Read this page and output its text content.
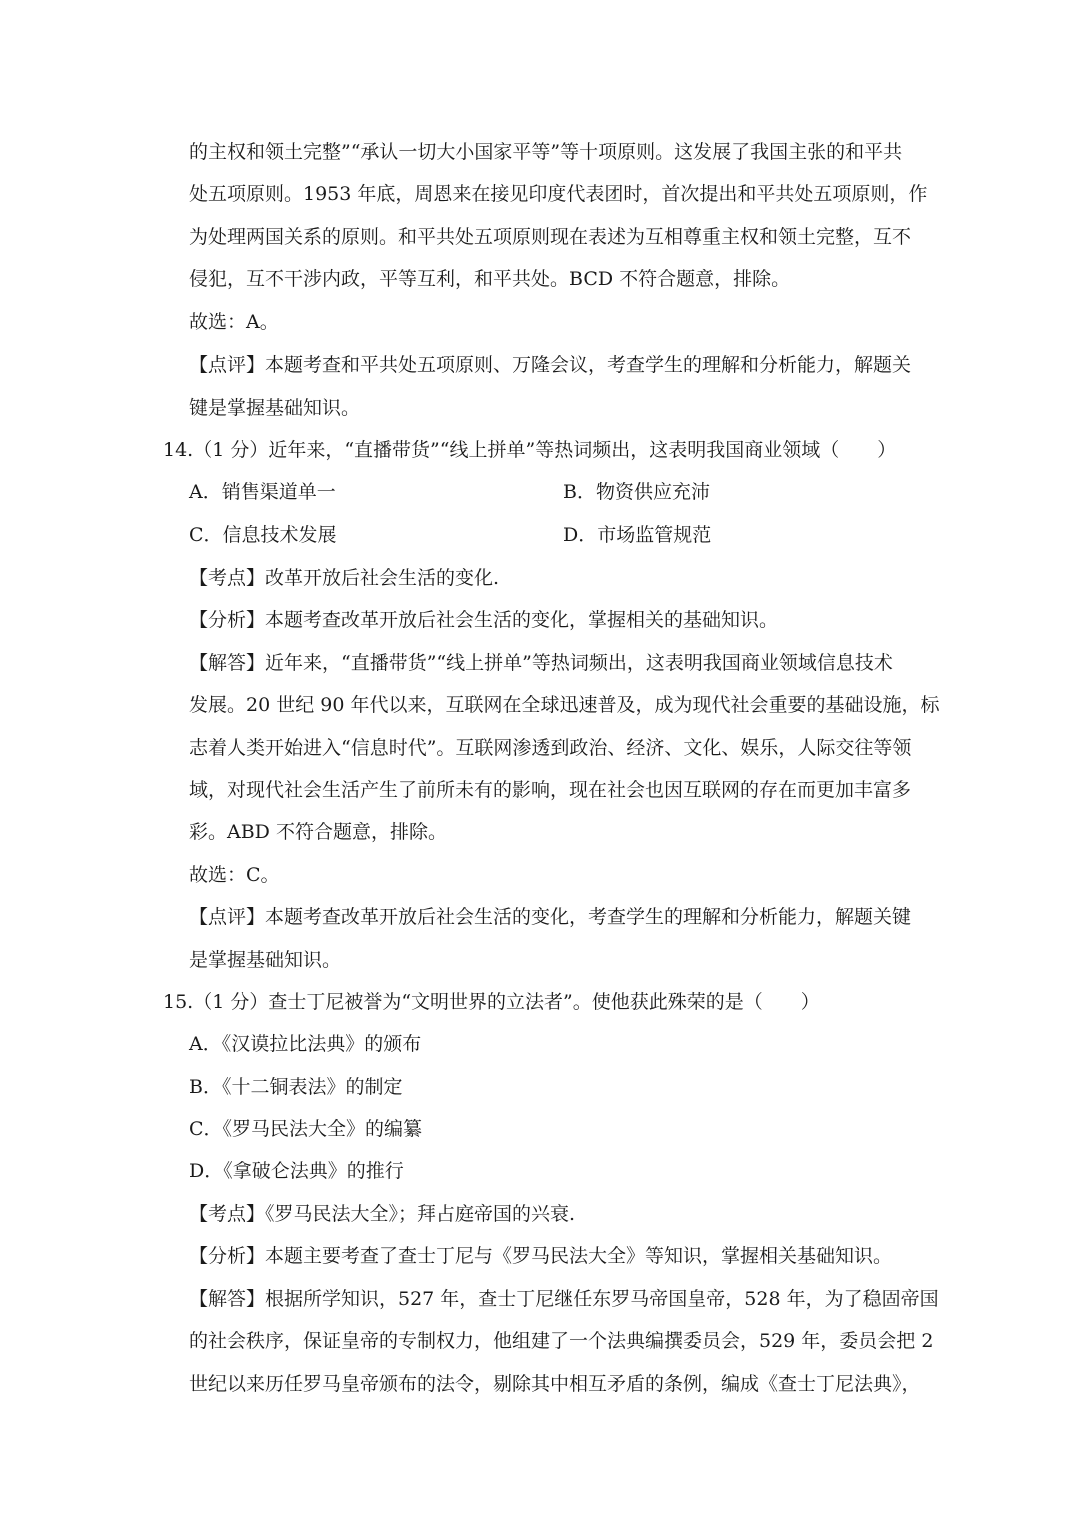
的主权和领土完整”“承认一切大小国家平等”等十项原则。这发展了我国主张的和平共
处五项原则。1953 年底，周恩来在接见印度代表团时，首次提出和平共处五项原则，作
为处理两国关系的原则。和平共处五项原则现在表述为互相尊重主权和领土完整，互不
侵犯，互不干涉内政，平等互利，和平共处。BCD 不符合题意，排除。
故选：A。
【点评】本题考查和平共处五项原则、万隆会议，考查学生的理解和分析能力，解题关
键是掌握基础知识。
14.（1 分）近年来，“直播带货”“线上拼单”等热词频出，这表明我国商业领域（　　）
A．销售渠道单一	B．物资供应充沛
C．信息技术发展	D．市场监管规范
【考点】改革开放后社会生活的变化.
【分析】本题考查改革开放后社会生活的变化，掌握相关的基础知识。
【解答】近年来，“直播带货”“线上拼单”等热词频出，这表明我国商业领域信息技术
发展。20 世纪 90 年代以来，互联网在全球迅速普及，成为现代社会重要的基础设施，标
志着人类开始进入“信息时代”。互联网渗透到政治、经济、文化、娱乐，人际交往等领
域，对现代社会生活产生了前所未有的影响，现在社会也因互联网的存在而更加丰富多
彩。ABD 不符合题意，排除。
故选：C。
【点评】本题考查改革开放后社会生活的变化，考查学生的理解和分析能力，解题关键
是掌握基础知识。
15.（1 分）查士丁尼被誉为“文明世界的立法者”。使他获此殊荣的是（　　）
A．《汉谟拉比法典》的颁布
B．《十二铜表法》的制定
C．《罗马民法大全》的编纂
D．《拿破仑法典》的推行
【考点】《罗马民法大全》；拜占庭帝国的兴衰.
【分析】本题主要考查了查士丁尼与《罗马民法大全》等知识，掌握相关基础知识。
【解答】根据所学知识，527 年，查士丁尼继任东罗马帝国皇帝，528 年，为了稳固帝国
的社会秩序，保证皇帝的专制权力，他组建了一个法典编撰委员会，529 年，委员会把 2
世纪以来历任罗马皇帝颁布的法令，剔除其中相互矛盾的条例，编成《查士丁尼法典》，
